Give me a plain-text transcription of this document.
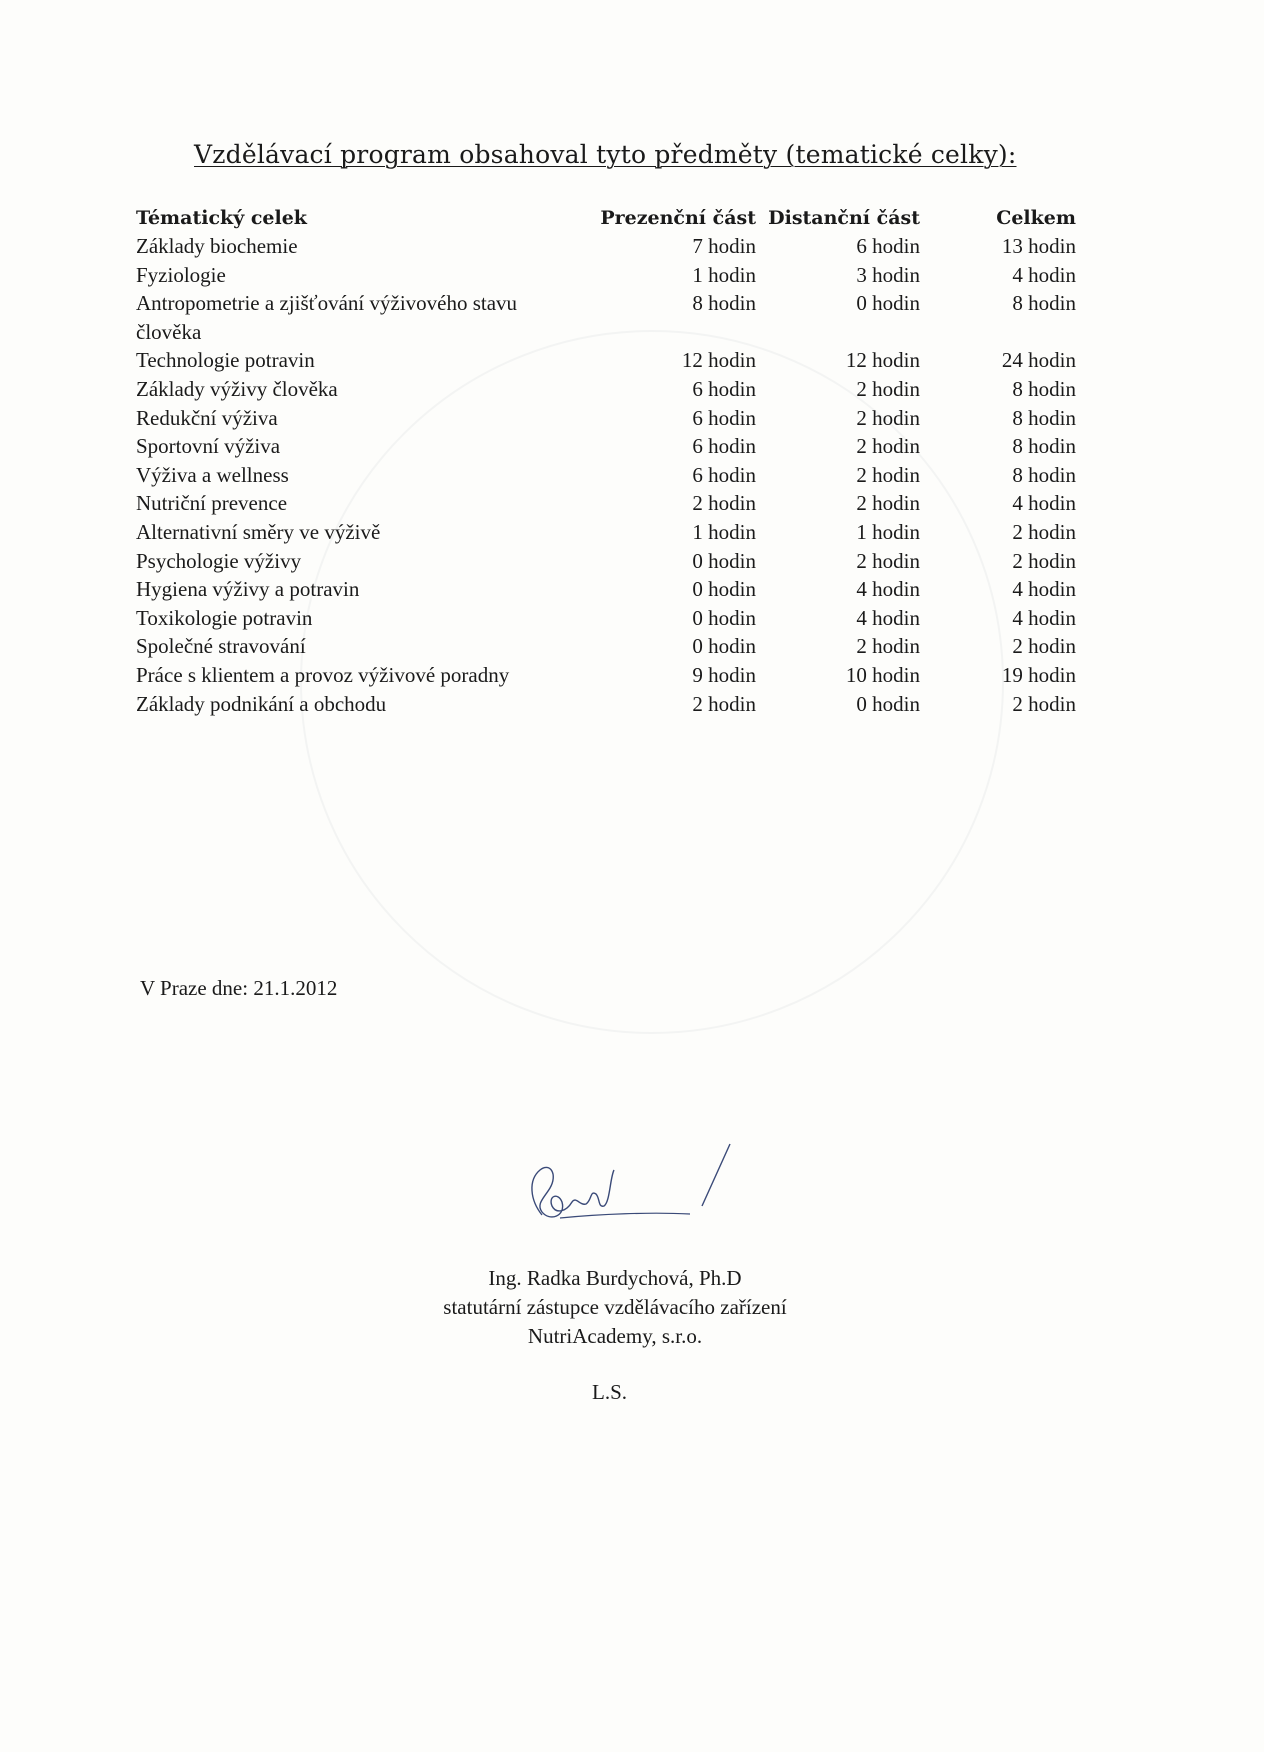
Vzdělávací program obsahoval tyto předměty (tematické celky):
Tématický celek	Prezenční část	Distanční část	Celkem
Základy biochemie	7 hodin	6 hodin	13 hodin
Fyziologie	1 hodin	3 hodin	4 hodin
Antropometrie a zjišťování výživového stavu člověka	8 hodin	0 hodin	8 hodin
Technologie potravin	12 hodin	12 hodin	24 hodin
Základy výživy člověka	6 hodin	2 hodin	8 hodin
Redukční výživa	6 hodin	2 hodin	8 hodin
Sportovní výživa	6 hodin	2 hodin	8 hodin
Výživa a wellness	6 hodin	2 hodin	8 hodin
Nutriční prevence	2 hodin	2 hodin	4 hodin
Alternativní směry ve výživě	1 hodin	1 hodin	2 hodin
Psychologie výživy	0 hodin	2 hodin	2 hodin
Hygiena výživy a potravin	0 hodin	4 hodin	4 hodin
Toxikologie potravin	0 hodin	4 hodin	4 hodin
Společné stravování	0 hodin	2 hodin	2 hodin
Práce s klientem a provoz výživové poradny	9 hodin	10 hodin	19 hodin
Základy podnikání a obchodu	2 hodin	0 hodin	2 hodin
V Praze dne: 21.1.2012
Ing. Radka Burdychová, Ph.D
statutární zástupce vzdělávacího zařízení
NutriAcademy, s.r.o.
L.S.
